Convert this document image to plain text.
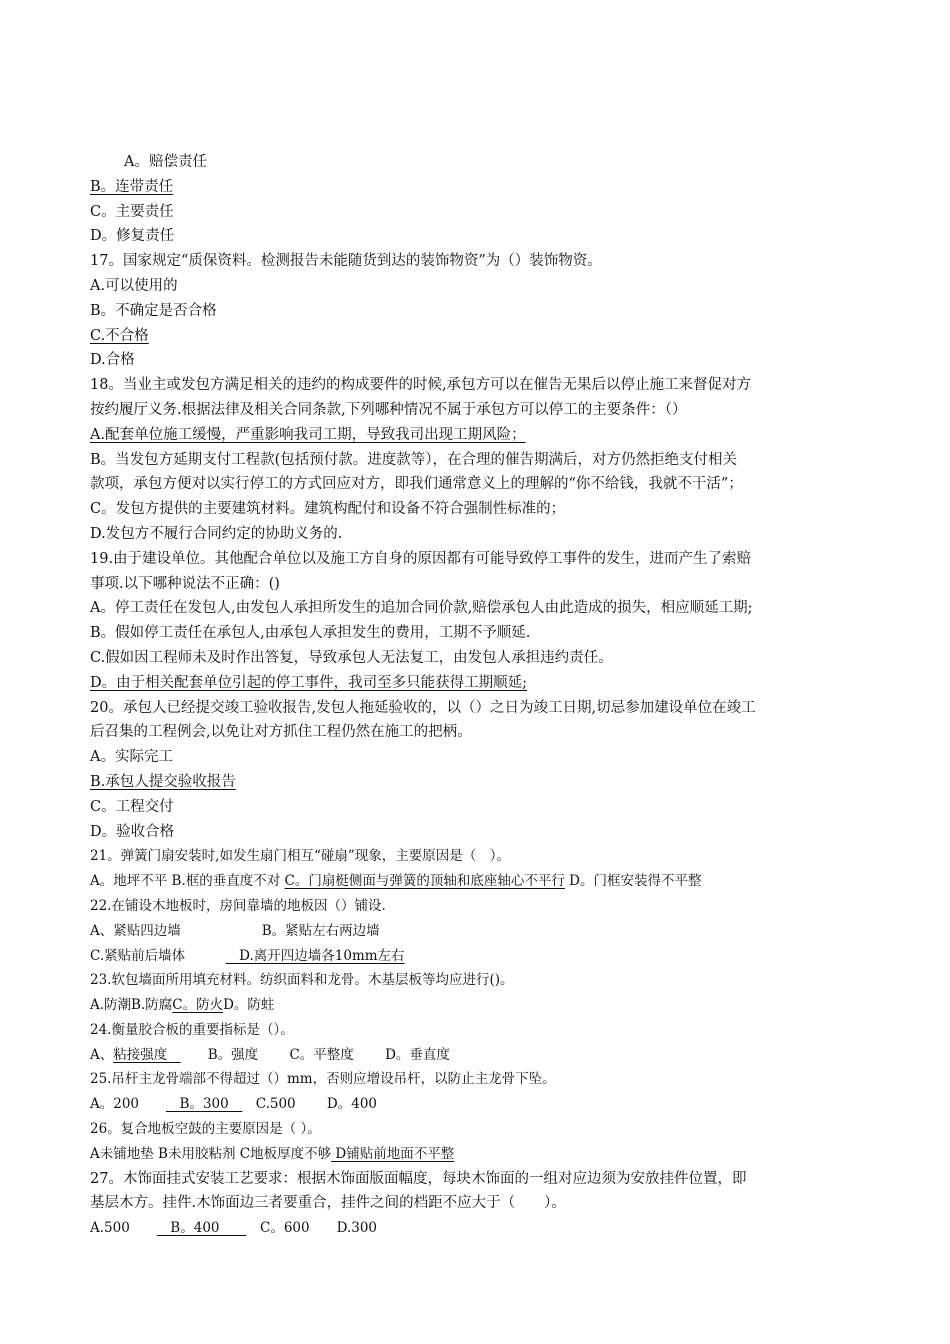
A。赔偿责任
B。连带责任
C。主要责任
D。修复责任
17。国家规定“质保资料。检测报告未能随货到达的装饰物资”为（）装饰物资。
A.可以使用的
B。不确定是否合格
C.不合格
D.合格
18。当业主或发包方满足相关的违约的构成要件的时候,承包方可以在催告无果后以停止施工来督促对方
按约履厅义务.根据法律及相关合同条款,下列哪种情况不属于承包方可以停工的主要条件：（）
A.配套单位施工缓慢，严重影响我司工期，导致我司出现工期风险；
B。当发包方延期支付工程款(包括预付款。进度款等），在合理的催告期满后，对方仍然拒绝支付相关
款项，承包方便对以实行停工的方式回应对方，即我们通常意义上的理解的“你不给钱，我就不干活”；
C。发包方提供的主要建筑材料。建筑构配付和设备不符合强制性标准的；
D.发包方不履行合同约定的协助义务的.
19.由于建设单位。其他配合单位以及施工方自身的原因都有可能导致停工事件的发生，进而产生了索赔
事项.以下哪种说法不正确：()
A。停工责任在发包人,由发包人承担所发生的追加合同价款,赔偿承包人由此造成的损失，相应顺延工期;
B。假如停工责任在承包人,由承包人承担发生的费用，工期不予顺延.
C.假如因工程师未及时作出答复，导致承包人无法复工，由发包人承担违约责任。
D。由于相关配套单位引起的停工事件，我司至多只能获得工期顺延;
20。承包人已经提交竣工验收报告,发包人拖延验收的，以（）之日为竣工日期,切忌参加建设单位在竣工
后召集的工程例会,以免让对方抓住工程仍然在施工的把柄。
A。实际完工
B.承包人提交验收报告
C。工程交付
D。验收合格
21。弹簧门扇安装时,如发生扇门相互“碰扇”现象，主要原因是（　）。
A。地坪不平 B.框的垂直度不对 C。门扇梃侧面与弹簧的顶轴和底座轴心不平行 D。门框安装得不平整
22.在铺设木地板时，房间靠墙的地板因（）铺设.
A、紧贴四边墙　　　　　　B。紧贴左右两边墙
C.紧贴前后墙体　　　　D.离开四边墙各10mm左右
23.软包墙面所用填充材料。纺织面料和龙骨。木基层板等均应进行()。
A.防潮B.防腐C。防火D。防蛀
24.衡量胶合板的重要指标是（）。
A、粘接强度　　　B。强度　　 C。平整度　　 D。垂直度
25.吊杆主龙骨端部不得超过（）mm，否则应增设吊杆，以防止主龙骨下坠。
A。200　　　B。300　　C.500　　 D。400
26。复合地板空鼓的主要原因是（ ）。
A未铺地垫 B未用胶粘剂 C地板厚度不够 D铺贴前地面不平整
27。木饰面挂式安装工艺要求：根据木饰面版面幅度，每块木饰面的一组对应边须为安放挂件位置，即
基层木方。挂件.木饰面边三者要重合，挂件之间的档距不应大于（　　）。
A.500　　　B。400　　　C。600　　D.300
